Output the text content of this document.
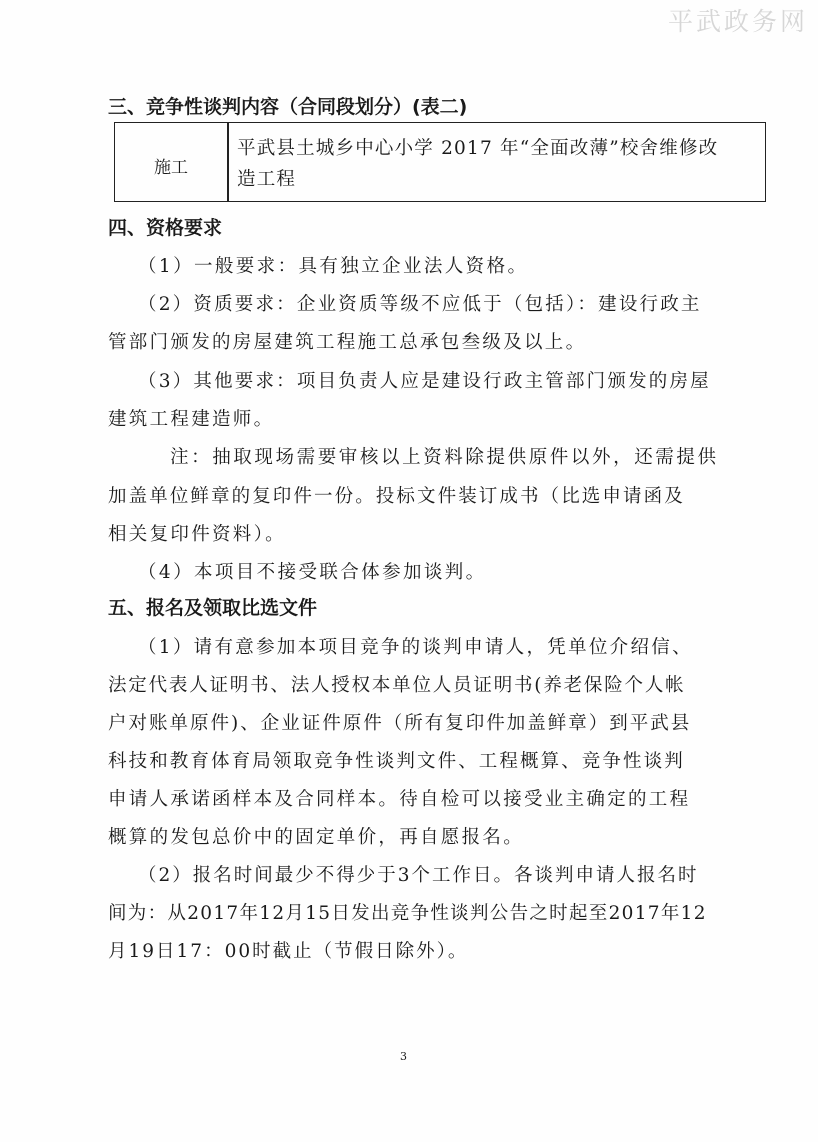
平武政务网
三、竞争性谈判内容（合同段划分）(表二)
施工
平武县土城乡中心小学 2017 年“全面改薄”校舍维修改
造工程
四、资格要求
（1）一般要求：具有独立企业法人资格。
（2）资质要求：企业资质等级不应低于（包括）：建设行政主
管部门颁发的房屋建筑工程施工总承包叁级及以上。
（3）其他要求：项目负责人应是建设行政主管部门颁发的房屋
建筑工程建造师。
注：抽取现场需要审核以上资料除提供原件以外，还需提供
加盖单位鲜章的复印件一份。投标文件装订成书（比选申请函及
相关复印件资料）。
（4）本项目不接受联合体参加谈判。
五、报名及领取比选文件
（1）请有意参加本项目竞争的谈判申请人，凭单位介绍信、
法定代表人证明书、法人授权本单位人员证明书(养老保险个人帐
户对账单原件)、企业证件原件（所有复印件加盖鲜章）到平武县
科技和教育体育局领取竞争性谈判文件、工程概算、竞争性谈判
申请人承诺函样本及合同样本。待自检可以接受业主确定的工程
概算的发包总价中的固定单价，再自愿报名。
（2）报名时间最少不得少于3个工作日。各谈判申请人报名时
间为：从2017年12月15日发出竞争性谈判公告之时起至2017年12
月19日17：00时截止（节假日除外）。
3
